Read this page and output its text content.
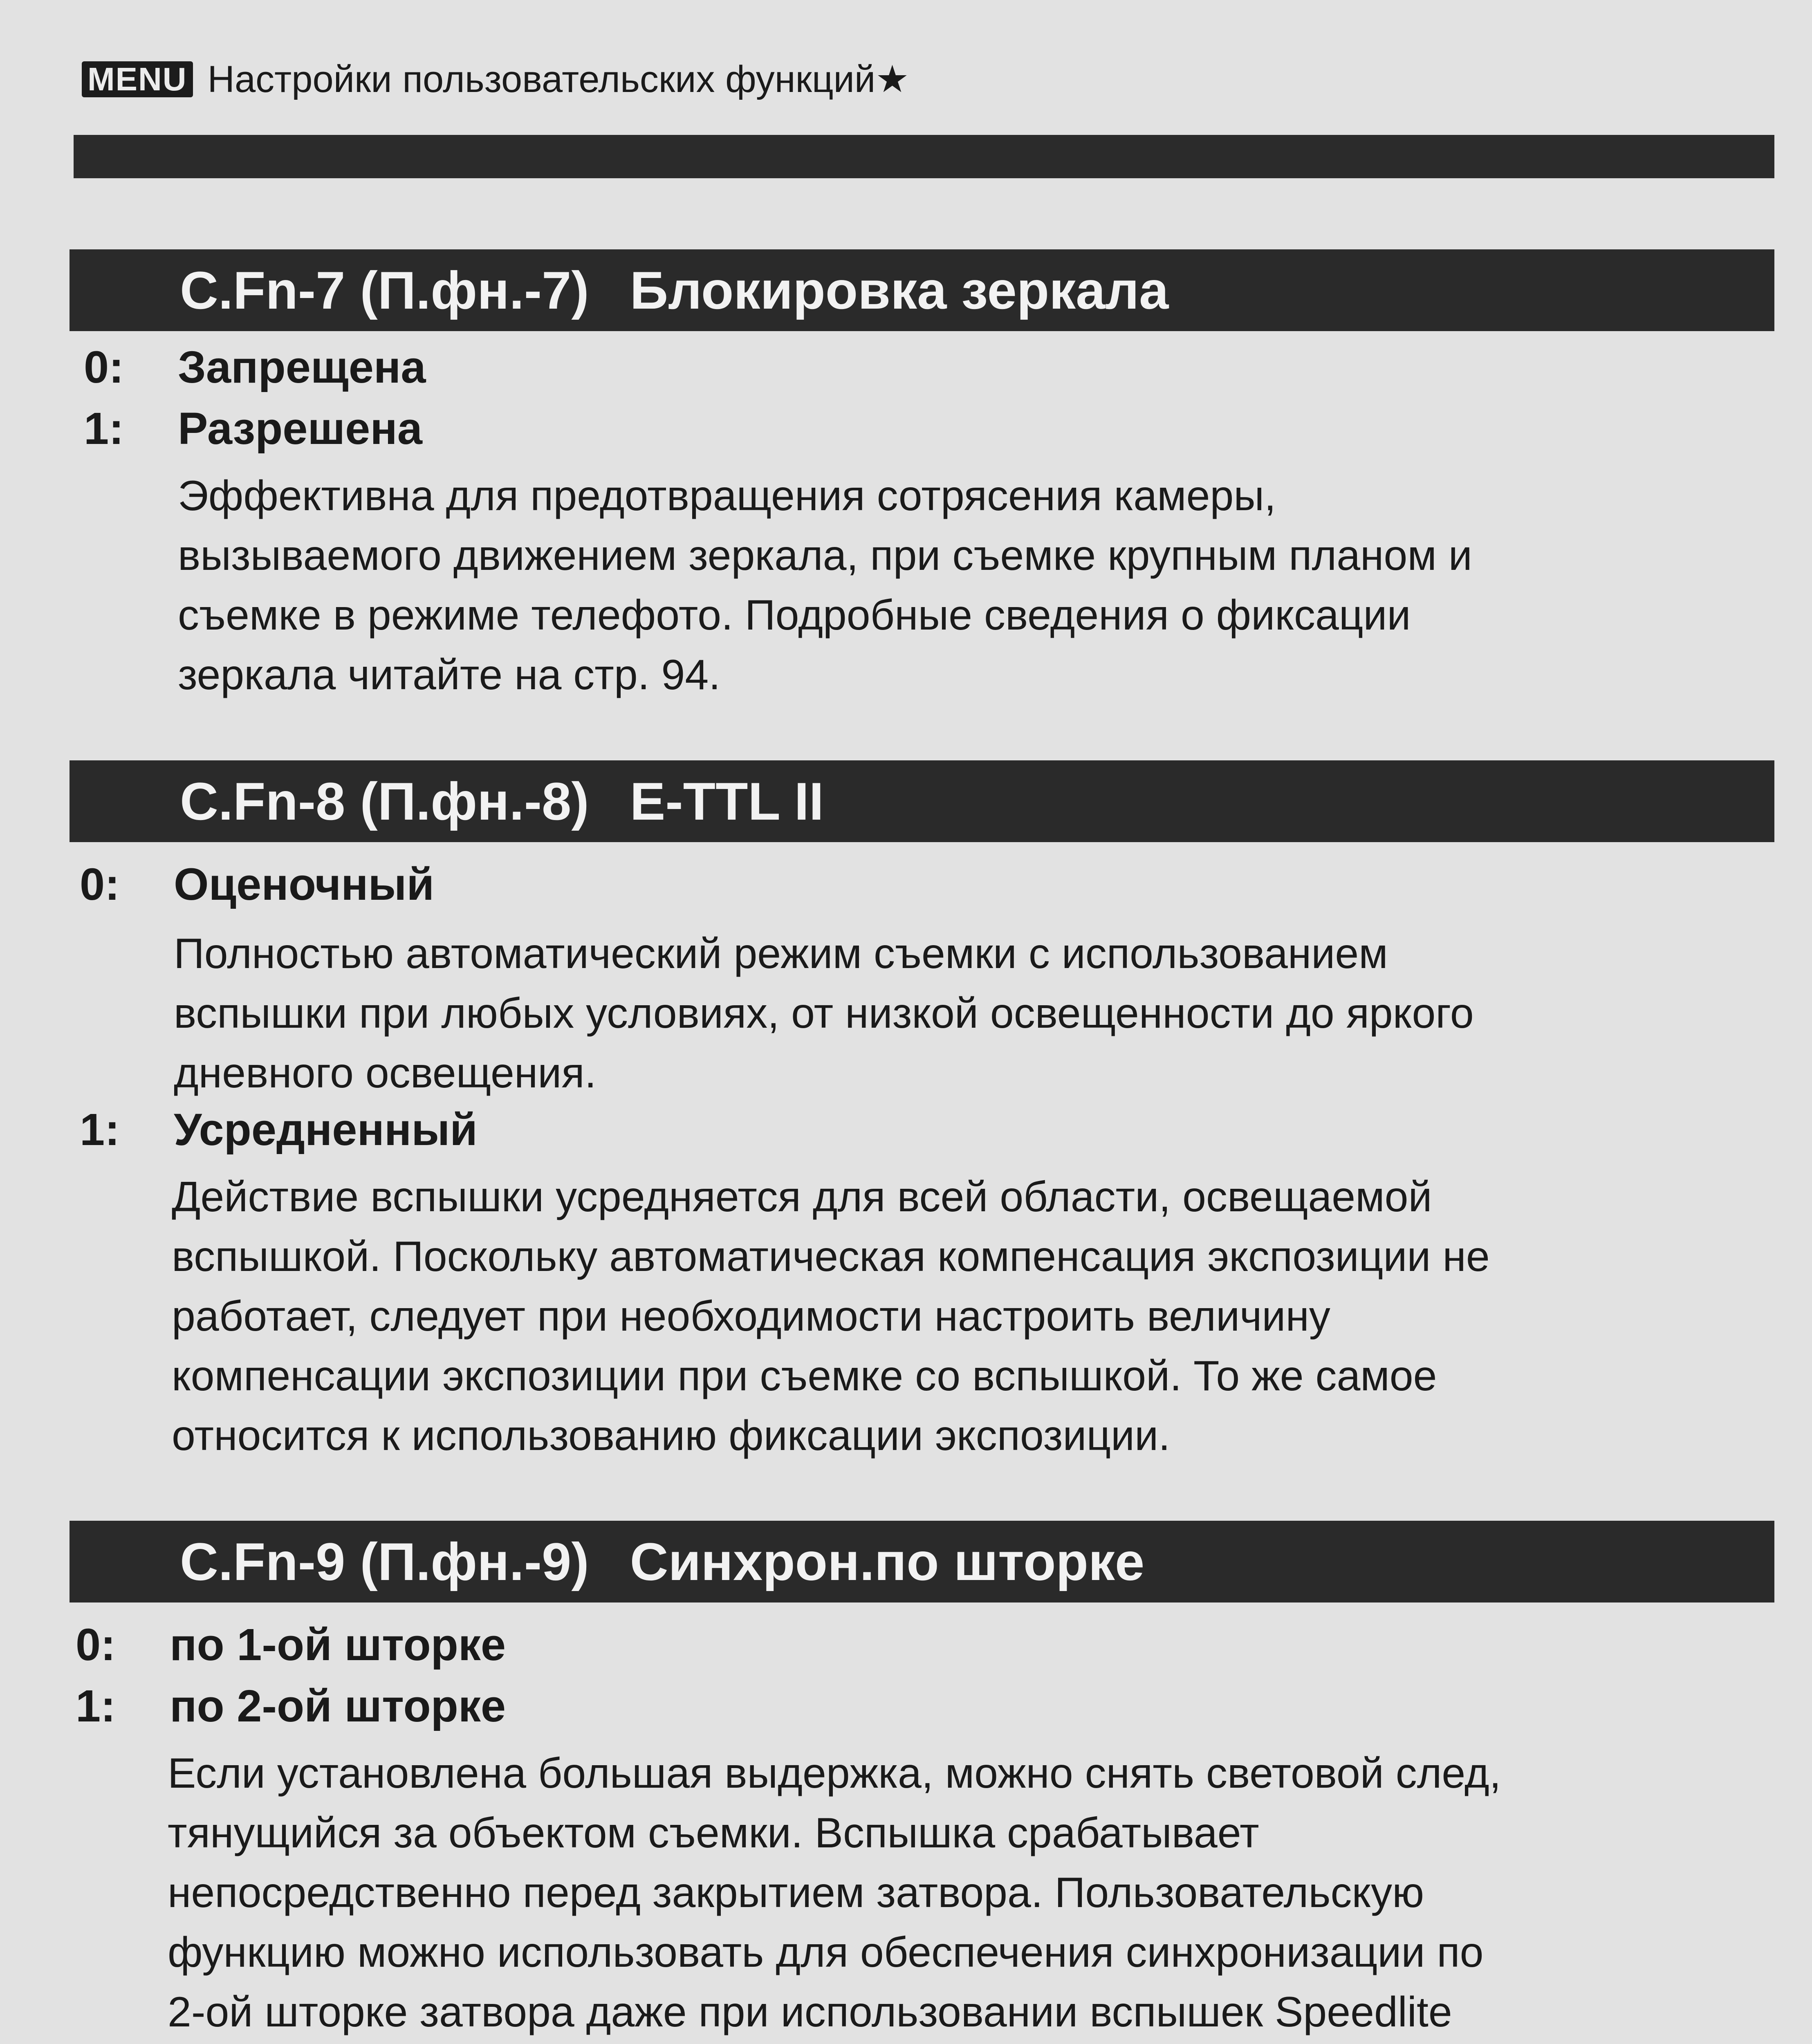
MENU Настройки пользовательских функций★
C.Fn-7 (П.фн.-7) Блокировка зеркала
0: Запрещена
1: Разрешена
Эффективна для предотвращения сотрясения камеры,
вызываемого движением зеркала, при съемке крупным планом и
съемке в режиме телефото. Подробные сведения о фиксации
зеркала читайте на стр. 94.
C.Fn-8 (П.фн.-8) E-TTL II
0: Оценочный
Полностью автоматический режим съемки с использованием
вспышки при любых условиях, от низкой освещенности до яркого
дневного освещения.
1: Усредненный
Действие вспышки усредняется для всей области, освещаемой
вспышкой. Поскольку автоматическая компенсация экспозиции не
работает, следует при необходимости настроить величину
компенсации экспозиции при съемке со вспышкой. То же самое
относится к использованию фиксации экспозиции.
C.Fn-9 (П.фн.-9) Синхрон.по шторке
0: по 1-ой шторке
1: по 2-ой шторке
Если установлена большая выдержка, можно снять световой след,
тянущийся за объектом съемки. Вспышка срабатывает
непосредственно перед закрытием затвора. Пользовательскую
функцию можно использовать для обеспечения синхронизации по
2-ой шторке затвора даже при использовании вспышек Speedlite
